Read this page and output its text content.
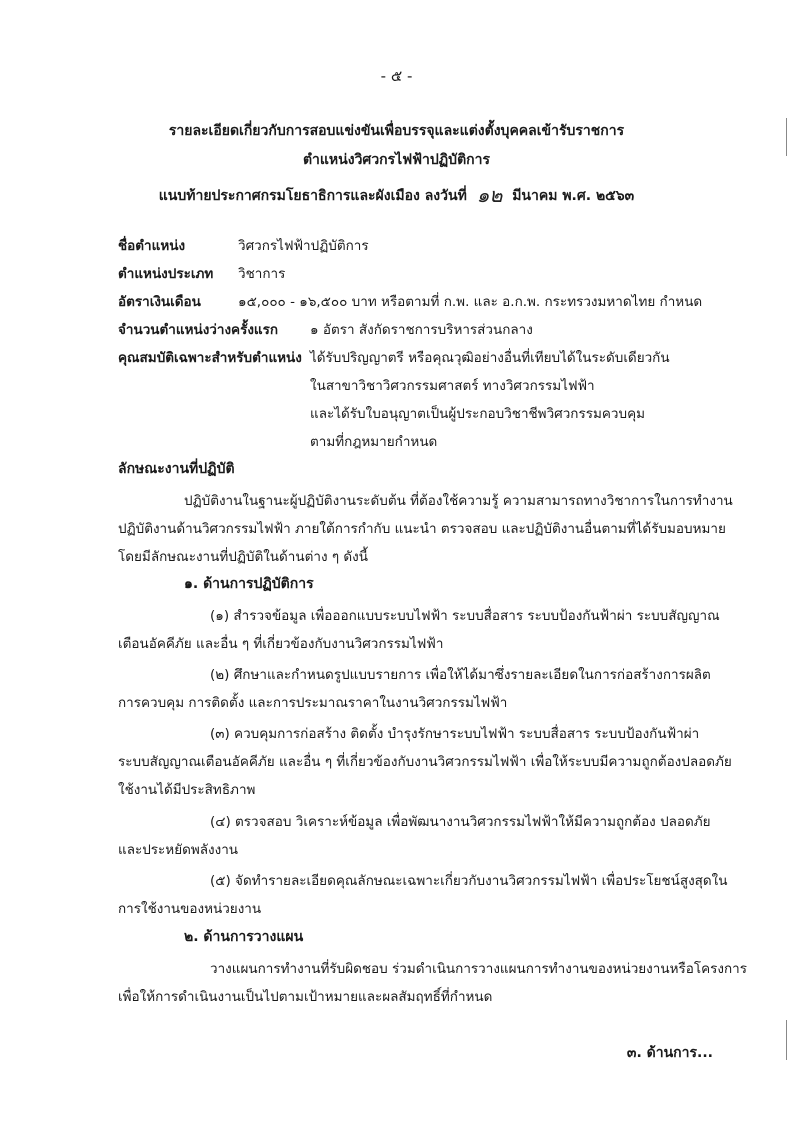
- ๕ -
รายละเอียดเกี่ยวกับการสอบแข่งขันเพื่อบรรจุและแต่งตั้งบุคคลเข้ารับราชการ
ตำแหน่งวิศวกรไฟฟ้าปฏิบัติการ
แนบท้ายประกาศกรมโยธาธิการและผังเมือง ลงวันที่ ๑๒ มีนาคม พ.ศ. ๒๕๖๓
ชื่อตำแหน่ง	วิศวกรไฟฟ้าปฏิบัติการ
ตำแหน่งประเภท วิชาการ
อัตราเงินเดือน	๑๕,๐๐๐ - ๑๖,๕๐๐ บาท หรือตามที่ ก.พ. และ อ.ก.พ. กระทรวงมหาดไทย กำหนด
จำนวนตำแหน่งว่างครั้งแรก ๑ อัตรา สังกัดราชการบริหารส่วนกลาง
คุณสมบัติเฉพาะสำหรับตำแหน่ง ได้รับปริญญาตรี หรือคุณวุฒิอย่างอื่นที่เทียบได้ในระดับเดียวกัน
ในสาขาวิชาวิศวกรรมศาสตร์ ทางวิศวกรรมไฟฟ้า
และได้รับใบอนุญาตเป็นผู้ประกอบวิชาชีพวิศวกรรมควบคุม
ตามที่กฎหมายกำหนด
ลักษณะงานที่ปฏิบัติ
ปฏิบัติงานในฐานะผู้ปฏิบัติงานระดับต้น ที่ต้องใช้ความรู้ ความสามารถทางวิชาการในการทำงาน
ปฏิบัติงานด้านวิศวกรรมไฟฟ้า ภายใต้การกำกับ แนะนำ ตรวจสอบ และปฏิบัติงานอื่นตามที่ได้รับมอบหมาย
โดยมีลักษณะงานที่ปฏิบัติในด้านต่าง ๆ ดังนี้
๑. ด้านการปฏิบัติการ
(๑) สำรวจข้อมูล เพื่อออกแบบระบบไฟฟ้า ระบบสื่อสาร ระบบป้องกันฟ้าผ่า ระบบสัญญาณ
เตือนอัคคีภัย และอื่น ๆ ที่เกี่ยวข้องกับงานวิศวกรรมไฟฟ้า
(๒) ศึกษาและกำหนดรูปแบบรายการ เพื่อให้ได้มาซึ่งรายละเอียดในการก่อสร้างการผลิต
การควบคุม การติดตั้ง และการประมาณราคาในงานวิศวกรรมไฟฟ้า
(๓) ควบคุมการก่อสร้าง ติดตั้ง บำรุงรักษาระบบไฟฟ้า ระบบสื่อสาร ระบบป้องกันฟ้าผ่า
ระบบสัญญาณเตือนอัคคีภัย และอื่น ๆ ที่เกี่ยวข้องกับงานวิศวกรรมไฟฟ้า เพื่อให้ระบบมีความถูกต้องปลอดภัย
ใช้งานได้มีประสิทธิภาพ
(๔) ตรวจสอบ วิเคราะห์ข้อมูล เพื่อพัฒนางานวิศวกรรมไฟฟ้าให้มีความถูกต้อง ปลอดภัย
และประหยัดพลังงาน
(๕) จัดทำรายละเอียดคุณลักษณะเฉพาะเกี่ยวกับงานวิศวกรรมไฟฟ้า เพื่อประโยชน์สูงสุดใน
การใช้งานของหน่วยงาน
๒. ด้านการวางแผน
วางแผนการทำงานที่รับผิดชอบ ร่วมดำเนินการวางแผนการทำงานของหน่วยงานหรือโครงการ
เพื่อให้การดำเนินงานเป็นไปตามเป้าหมายและผลสัมฤทธิ์ที่กำหนด
๓. ด้านการ...
